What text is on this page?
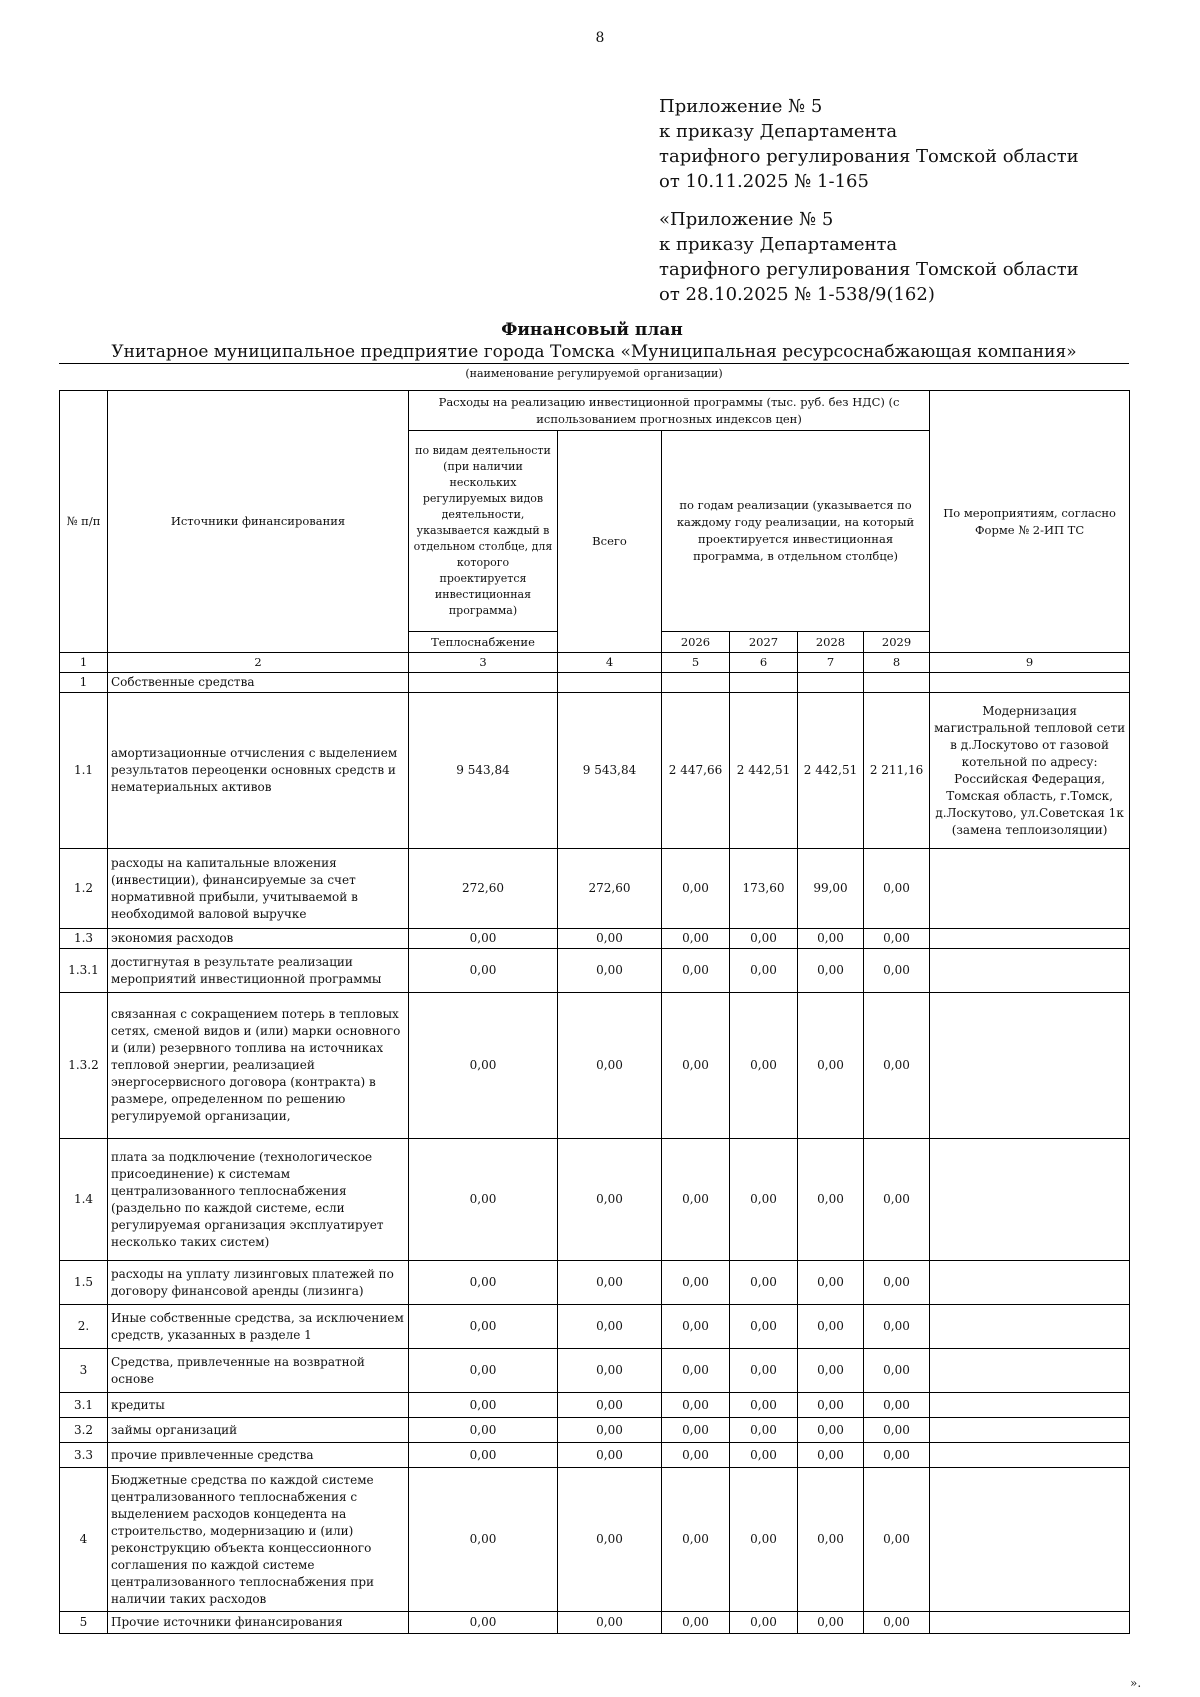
8
Приложение № 5
к приказу Департамента
тарифного регулирования Томской области
от 10.11.2025 № 1-165
«Приложение № 5
к приказу Департамента
тарифного регулирования Томской области
от 28.10.2025 № 1-538/9(162)
Финансовый план
Унитарное муниципальное предприятие города Томска «Муниципальная ресурсоснабжающая компания»
(наименование регулируемой организации)
№ п/п	Источники финансирования	Расходы на реализацию инвестиционной программы (тыс. руб. без НДС) (с использованием прогнозных индексов цен)						По мероприятиям, согласно Форме № 2-ИП ТС
		по видам деятельности (при наличии нескольких регулируемых видов деятельности, указывается каждый в отдельном столбце, для которого проектируется инвестиционная программа)	Всего	по годам реализации (указывается по каждому году реализации, на который проектируется инвестиционная программа, в отдельном столбце)				
		Теплоснабжение		2026	2027	2028	2029	
1	2	3	4	5	6	7	8	9
1	Собственные средства							
1.1	амортизационные отчисления с выделением результатов переоценки основных средств и нематериальных активов	9 543,84	9 543,84	2 447,66	2 442,51	2 442,51	2 211,16	Модернизация магистральной тепловой сети в д.Лоскутово от газовой котельной по адресу: Российская Федерация, Томская область, г.Томск, д.Лоскутово, ул.Советская 1к (замена теплоизоляции)
1.2	расходы на капитальные вложения (инвестиции), финансируемые за счет нормативной прибыли, учитываемой в необходимой валовой выручке	272,60	272,60	0,00	173,60	99,00	0,00	
1.3	экономия расходов	0,00	0,00	0,00	0,00	0,00	0,00	
1.3.1	достигнутая в результате реализации мероприятий инвестиционной программы	0,00	0,00	0,00	0,00	0,00	0,00	
1.3.2	связанная с сокращением потерь в тепловых сетях, сменой видов и (или) марки основного и (или) резервного топлива на источниках тепловой энергии, реализацией энергосервисного договора (контракта) в размере, определенном по решению регулируемой организации,	0,00	0,00	0,00	0,00	0,00	0,00	
1.4	плата за подключение (технологическое присоединение) к системам централизованного теплоснабжения (раздельно по каждой системе, если регулируемая организация эксплуатирует несколько таких систем)	0,00	0,00	0,00	0,00	0,00	0,00	
1.5	расходы на уплату лизинговых платежей по договору финансовой аренды (лизинга)	0,00	0,00	0,00	0,00	0,00	0,00	
2.	Иные собственные средства, за исключением средств, указанных в разделе 1	0,00	0,00	0,00	0,00	0,00	0,00	
3	Средства, привлеченные на возвратной основе	0,00	0,00	0,00	0,00	0,00	0,00	
3.1	кредиты	0,00	0,00	0,00	0,00	0,00	0,00	
3.2	займы организаций	0,00	0,00	0,00	0,00	0,00	0,00	
3.3	прочие привлеченные средства	0,00	0,00	0,00	0,00	0,00	0,00	
4	Бюджетные средства по каждой системе централизованного теплоснабжения с выделением расходов концедента на строительство, модернизацию и (или) реконструкцию объекта концессионного соглашения по каждой системе централизованного теплоснабжения при наличии таких расходов	0,00	0,00	0,00	0,00	0,00	0,00	
5	Прочие источники финансирования	0,00	0,00	0,00	0,00	0,00	0,00	
».
